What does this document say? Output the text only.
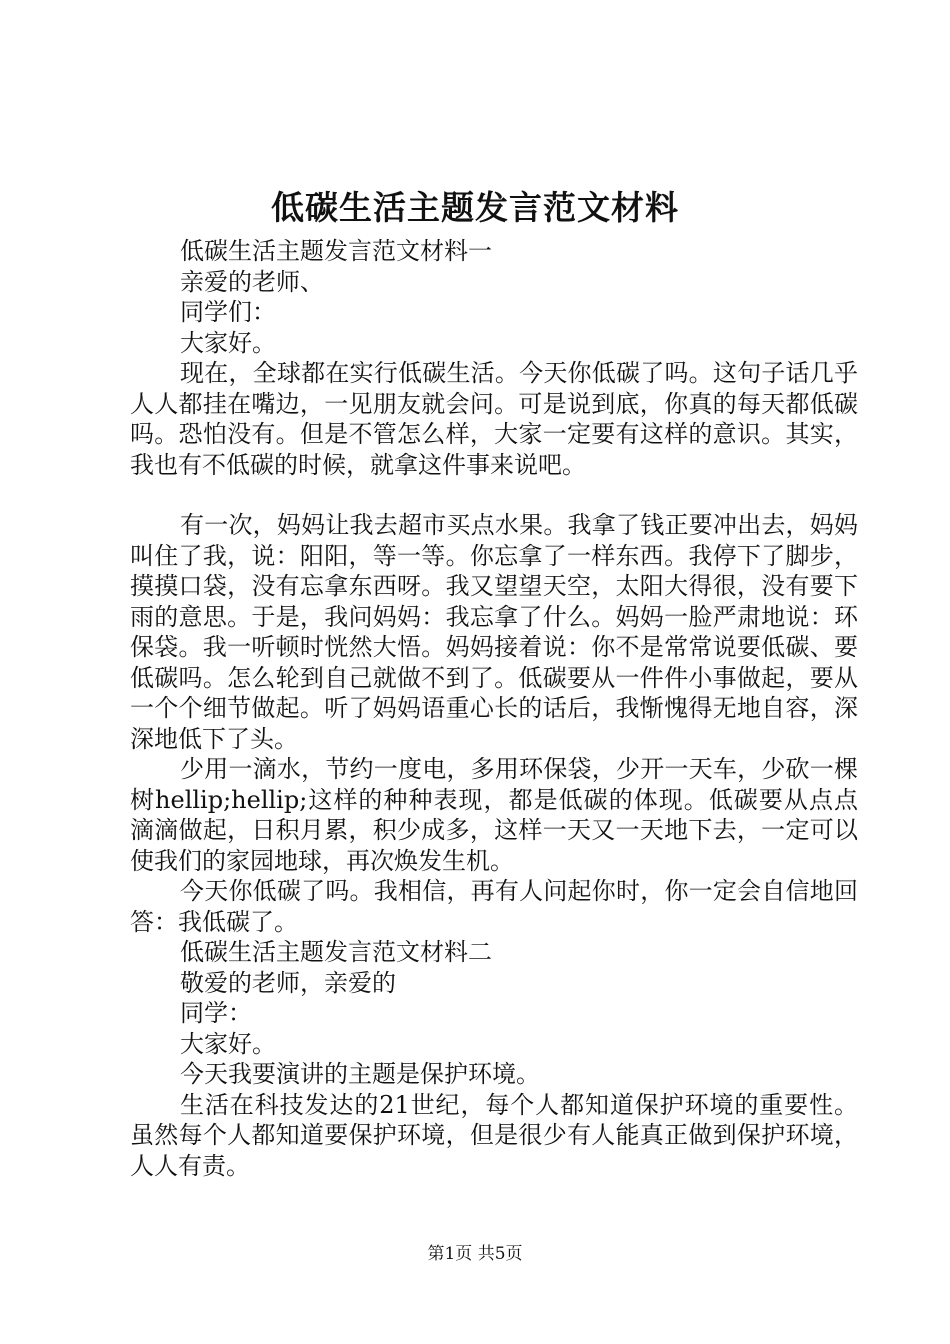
低碳生活主题发言范文材料

低碳生活主题发言范文材料一

亲爱的老师、

同学们：

大家好。

现在，全球都在实行低碳生活。今天你低碳了吗。这句子话几乎人人都挂在嘴边，一见朋友就会问。可是说到底，你真的每天都低碳吗。恐怕没有。但是不管怎么样，大家一定要有这样的意识。其实，我也有不低碳的时候，就拿这件事来说吧。

有一次，妈妈让我去超市买点水果。我拿了钱正要冲出去，妈妈叫住了我，说：阳阳，等一等。你忘拿了一样东西。我停下了脚步，摸摸口袋，没有忘拿东西呀。我又望望天空，太阳大得很，没有要下雨的意思。于是，我问妈妈：我忘拿了什么。妈妈一脸严肃地说：环保袋。我一听顿时恍然大悟。妈妈接着说：你不是常常说要低碳、要低碳吗。怎么轮到自己就做不到了。低碳要从一件件小事做起，要从一个个细节做起。听了妈妈语重心长的话后，我惭愧得无地自容，深深地低下了头。

少用一滴水，节约一度电，多用环保袋，少开一天车，少砍一棵树hellip;hellip;这样的种种表现，都是低碳的体现。低碳要从点点滴滴做起，日积月累，积少成多，这样一天又一天地下去，一定可以使我们的家园地球，再次焕发生机。

今天你低碳了吗。我相信，再有人问起你时，你一定会自信地回答：我低碳了。

低碳生活主题发言范文材料二

敬爱的老师，亲爱的

同学：

大家好。

今天我要演讲的主题是保护环境。

生活在科技发达的21世纪，每个人都知道保护环境的重要性。虽然每个人都知道要保护环境，但是很少有人能真正做到保护环境，人人有责。

第1页 共5页
